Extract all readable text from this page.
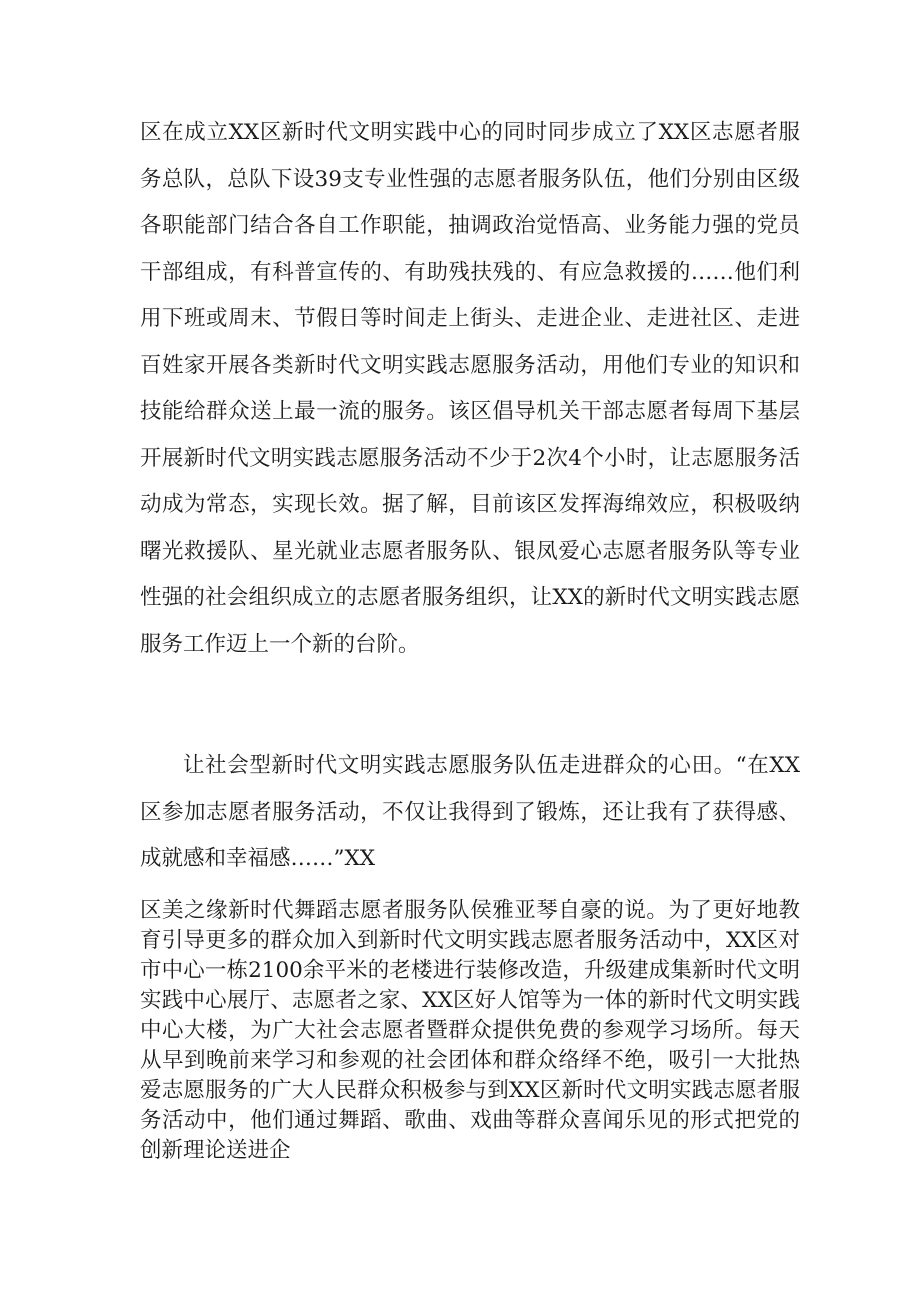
区在成立XX区新时代文明实践中心的同时同步成立了XX区志愿者服务总队，总队下设39支专业性强的志愿者服务队伍，他们分别由区级各职能部门结合各自工作职能，抽调政治觉悟高、业务能力强的党员干部组成，有科普宣传的、有助残扶残的、有应急救援的……他们利用下班或周末、节假日等时间走上街头、走进企业、走进社区、走进百姓家开展各类新时代文明实践志愿服务活动，用他们专业的知识和技能给群众送上最一流的服务。该区倡导机关干部志愿者每周下基层开展新时代文明实践志愿服务活动不少于2次4个小时，让志愿服务活动成为常态，实现长效。据了解，目前该区发挥海绵效应，积极吸纳曙光救援队、星光就业志愿者服务队、银凤爱心志愿者服务队等专业性强的社会组织成立的志愿者服务组织，让XX的新时代文明实践志愿服务工作迈上一个新的台阶。

让社会型新时代文明实践志愿服务队伍走进群众的心田。“在XX区参加志愿者服务活动，不仅让我得到了锻炼，还让我有了获得感、成就感和幸福感……”XX

区美之缘新时代舞蹈志愿者服务队侯雅亚琴自豪的说。为了更好地教育引导更多的群众加入到新时代文明实践志愿者服务活动中，XX区对市中心一栋2100余平米的老楼进行装修改造，升级建成集新时代文明实践中心展厅、志愿者之家、XX区好人馆等为一体的新时代文明实践中心大楼，为广大社会志愿者暨群众提供免费的参观学习场所。每天从早到晚前来学习和参观的社会团体和群众络绎不绝，吸引一大批热爱志愿服务的广大人民群众积极参与到XX区新时代文明实践志愿者服务活动中，他们通过舞蹈、歌曲、戏曲等群众喜闻乐见的形式把党的创新理论送进企
